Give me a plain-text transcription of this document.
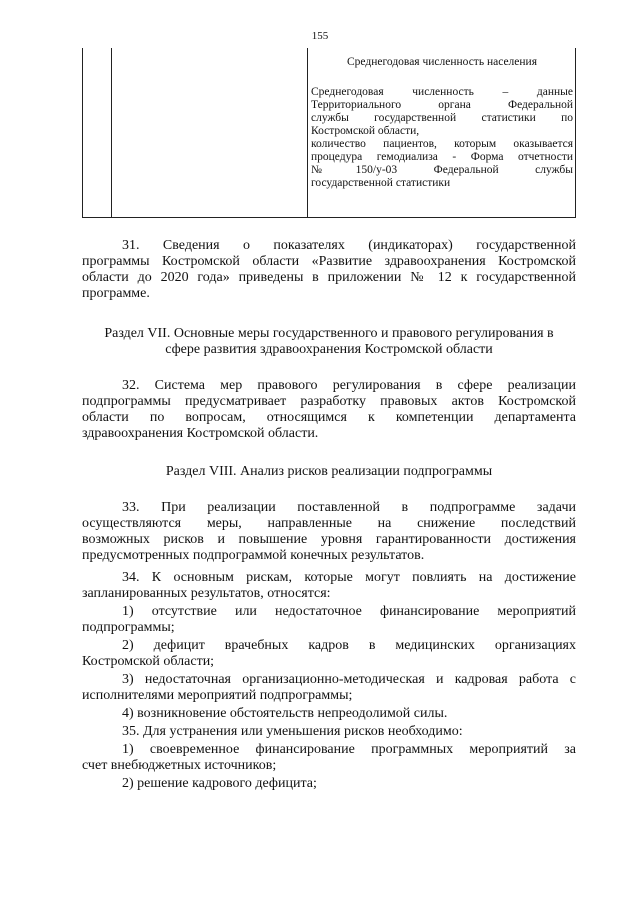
155
Среднегодовая численность населения
Среднегодовая численность – данные
Территориального органа Федеральной
службы государственной статистики по
Костромской области,
количество пациентов, которым оказывается
процедура гемодиализа - Форма отчетности
№150/у-03 Федеральной службы
государственной статистики
31. Сведения о показателях (индикаторах) государственной
программы Костромской области «Развитие здравоохранения Костромской
области до 2020 года» приведены в приложении № 12 к государственной
программе.
Раздел VII. Основные меры государственного и правового регулирования в
сфере развития здравоохранения Костромской области
32. Система мер правового регулирования в сфере реализации
подпрограммы предусматривает разработку правовых актов Костромской
области по вопросам, относящимся к компетенции департамента
здравоохранения Костромской области.
Раздел VIII. Анализ рисков реализации подпрограммы
33. При реализации поставленной в подпрограмме задачи
осуществляются меры, направленные на снижение последствий
возможных рисков и повышение уровня гарантированности достижения
предусмотренных подпрограммой конечных результатов.
34. К основным рискам, которые могут повлиять на достижение
запланированных результатов, относятся:
1) отсутствие или недостаточное финансирование мероприятий
подпрограммы;
2) дефицит врачебных кадров в медицинских организациях
Костромской области;
3) недостаточная организационно-методическая и кадровая работа с
исполнителями мероприятий подпрограммы;
4) возникновение обстоятельств непреодолимой силы.
35. Для устранения или уменьшения рисков необходимо:
1) своевременное финансирование программных мероприятий за
счет внебюджетных источников;
2) решение кадрового дефицита;
